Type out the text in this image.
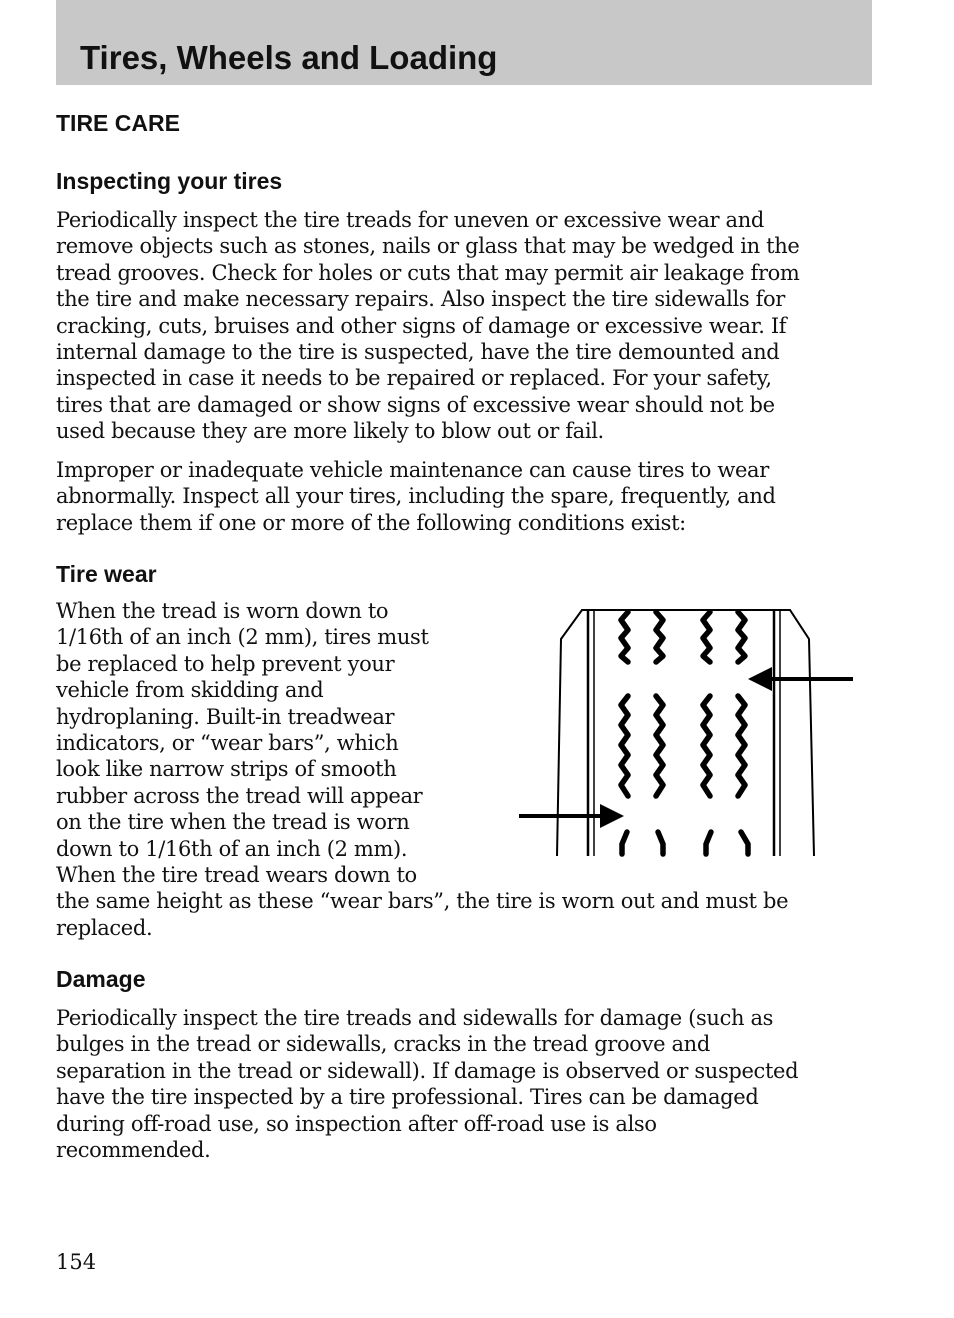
Tires, Wheels and Loading
TIRE CARE
Inspecting your tires
Periodically inspect the tire treads for uneven or excessive wear and
remove objects such as stones, nails or glass that may be wedged in the
tread grooves. Check for holes or cuts that may permit air leakage from
the tire and make necessary repairs. Also inspect the tire sidewalls for
cracking, cuts, bruises and other signs of damage or excessive wear. If
internal damage to the tire is suspected, have the tire demounted and
inspected in case it needs to be repaired or replaced. For your safety,
tires that are damaged or show signs of excessive wear should not be
used because they are more likely to blow out or fail.
Improper or inadequate vehicle maintenance can cause tires to wear
abnormally. Inspect all your tires, including the spare, frequently, and
replace them if one or more of the following conditions exist:
Tire wear
When the tread is worn down to
1/16th of an inch (2 mm), tires must
be replaced to help prevent your
vehicle from skidding and
hydroplaning. Built-in treadwear
indicators, or “wear bars”, which
look like narrow strips of smooth
rubber across the tread will appear
on the tire when the tread is worn
down to 1/16th of an inch (2 mm).
When the tire tread wears down to
the same height as these “wear bars”, the tire is worn out and must be
replaced.
Damage
Periodically inspect the tire treads and sidewalls for damage (such as
bulges in the tread or sidewalls, cracks in the tread groove and
separation in the tread or sidewall). If damage is observed or suspected
have the tire inspected by a tire professional. Tires can be damaged
during off-road use, so inspection after off-road use is also
recommended.
154
